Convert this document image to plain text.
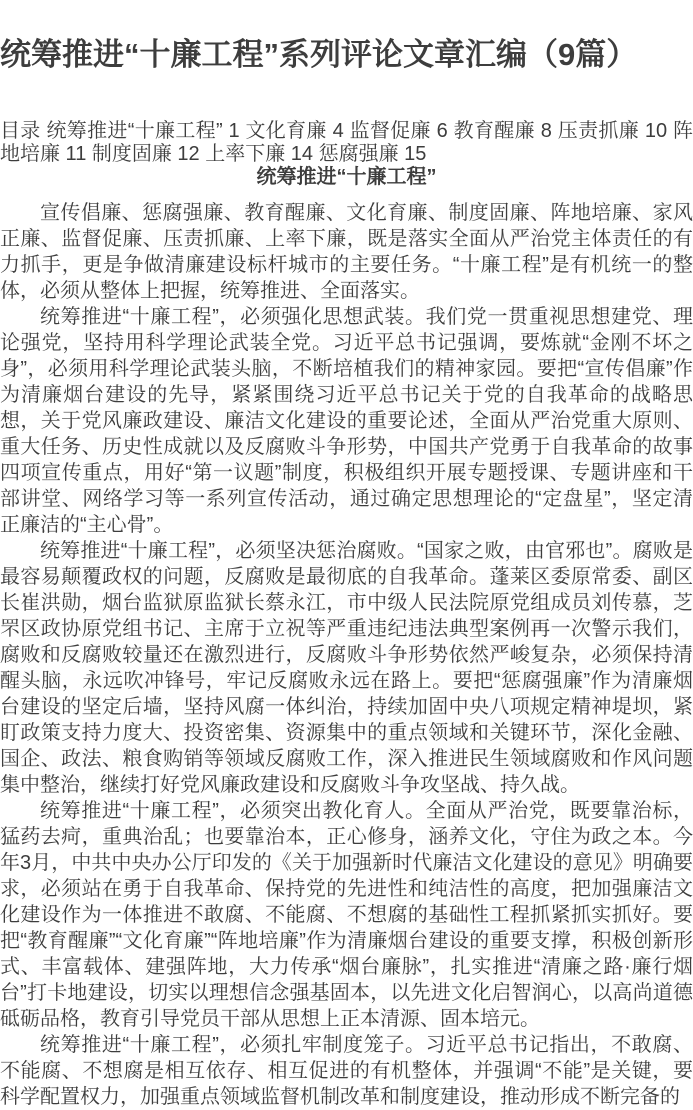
统筹推进“十廉工程”系列评论文章汇编（9篇）

目录 统筹推进“十廉工程” 1 文化育廉 4 监督促廉 6 教育醒廉 8 压责抓廉 10 阵地培廉 11 制度固廉 12 上率下廉 14 惩腐强廉 15

统筹推进“十廉工程”

宣传倡廉、惩腐强廉、教育醒廉、文化育廉、制度固廉、阵地培廉、家风正廉、监督促廉、压责抓廉、上率下廉，既是落实全面从严治党主体责任的有力抓手，更是争做清廉建设标杆城市的主要任务。“十廉工程”是有机统一的整体，必须从整体上把握，统筹推进、全面落实。

统筹推进“十廉工程”，必须强化思想武装。我们党一贯重视思想建党、理论强党，坚持用科学理论武装全党。习近平总书记强调，要炼就“金刚不坏之身”，必须用科学理论武装头脑，不断培植我们的精神家园。要把“宣传倡廉”作为清廉烟台建设的先导，紧紧围绕习近平总书记关于党的自我革命的战略思想，关于党风廉政建设、廉洁文化建设的重要论述，全面从严治党重大原则、重大任务、历史性成就以及反腐败斗争形势，中国共产党勇于自我革命的故事四项宣传重点，用好“第一议题”制度，积极组织开展专题授课、专题讲座和干部讲堂、网络学习等一系列宣传活动，通过确定思想理论的“定盘星”，坚定清正廉洁的“主心骨”。

统筹推进“十廉工程”，必须坚决惩治腐败。“国家之败，由官邪也”。腐败是最容易颠覆政权的问题，反腐败是最彻底的自我革命。蓬莱区委原常委、副区长崔洪勋，烟台监狱原监狱长蔡永江，市中级人民法院原党组成员刘传慕，芝罘区政协原党组书记、主席于立祝等严重违纪违法典型案例再一次警示我们，腐败和反腐败较量还在激烈进行，反腐败斗争形势依然严峻复杂，必须保持清醒头脑，永远吹冲锋号，牢记反腐败永远在路上。要把“惩腐强廉”作为清廉烟台建设的坚定后墙，坚持风腐一体纠治，持续加固中央八项规定精神堤坝，紧盯政策支持力度大、投资密集、资源集中的重点领域和关键环节，深化金融、国企、政法、粮食购销等领域反腐败工作，深入推进民生领域腐败和作风问题集中整治，继续打好党风廉政建设和反腐败斗争攻坚战、持久战。

统筹推进“十廉工程”，必须突出教化育人。全面从严治党，既要靠治标，猛药去疴，重典治乱；也要靠治本，正心修身，涵养文化，守住为政之本。今年3月，中共中央办公厅印发的《关于加强新时代廉洁文化建设的意见》明确要求，必须站在勇于自我革命、保持党的先进性和纯洁性的高度，把加强廉洁文化建设作为一体推进不敢腐、不能腐、不想腐的基础性工程抓紧抓实抓好。要把“教育醒廉”“文化育廉”“阵地培廉”作为清廉烟台建设的重要支撑，积极创新形式、丰富载体、建强阵地，大力传承“烟台廉脉”，扎实推进“清廉之路·廉行烟台”打卡地建设，切实以理想信念强基固本，以先进文化启智润心，以高尚道德砥砺品格，教育引导党员干部从思想上正本清源、固本培元。

统筹推进“十廉工程”，必须扎牢制度笼子。习近平总书记指出，不敢腐、不能腐、不想腐是相互依存、相互促进的有机整体，并强调“不能”是关键，要科学配置权力，加强重点领域监督机制改革和制度建设，推动形成不断完备的
